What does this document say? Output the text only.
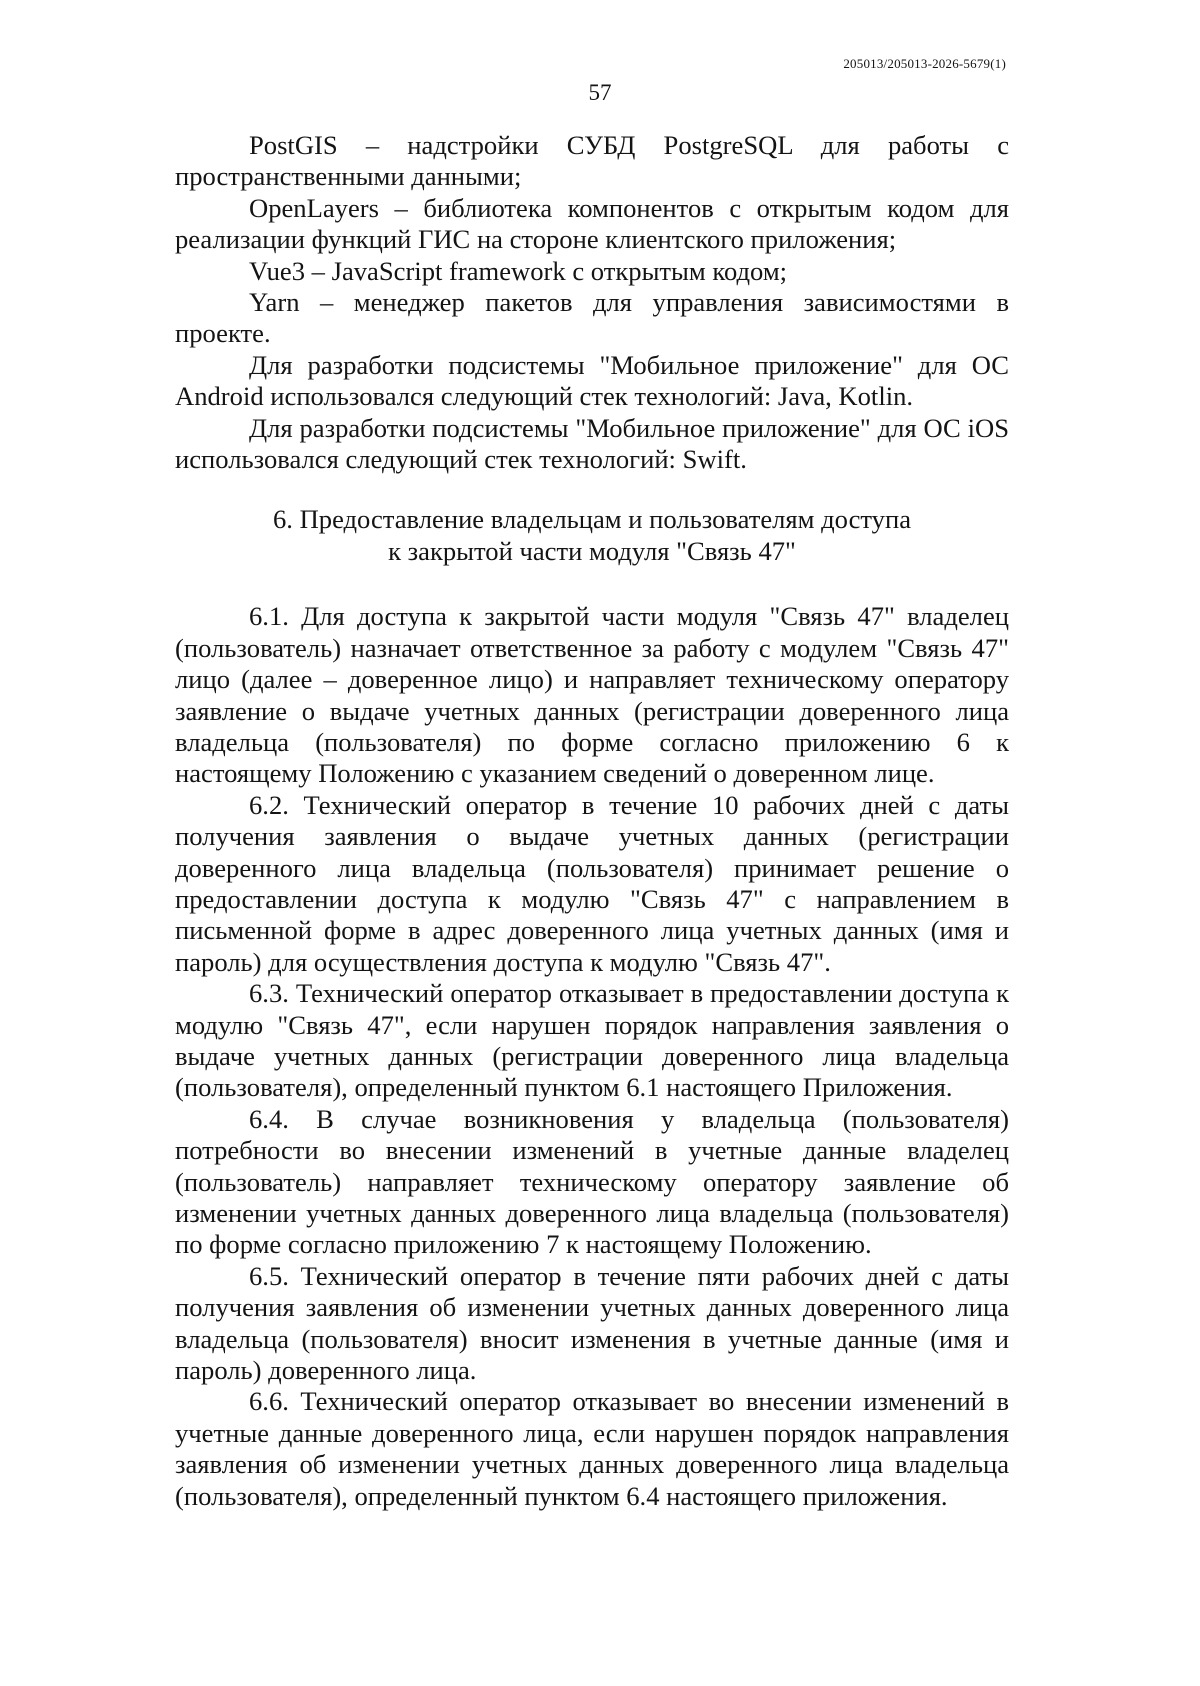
205013/205013-2026-5679(1)
57

PostGIS – надстройки СУБД PostgreSQL для работы с пространственными данными;

OpenLayers – библиотека компонентов с открытым кодом для реализации функций ГИС на стороне клиентского приложения;

Vue3 – JavaScript framework с открытым кодом;

Yarn – менеджер пакетов для управления зависимостями в проекте.

Для разработки подсистемы "Мобильное приложение" для ОС Android использовался следующий стек технологий: Java, Kotlin.

Для разработки подсистемы "Мобильное приложение" для ОС iOS использовался следующий стек технологий: Swift.

6. Предоставление владельцам и пользователям доступа

к закрытой части модуля "Связь 47"

6.1. Для доступа к закрытой части модуля "Связь 47" владелец (пользователь) назначает ответственное за работу с модулем "Связь 47" лицо (далее – доверенное лицо) и направляет техническому оператору заявление о выдаче учетных данных (регистрации доверенного лица владельца (пользователя) по форме согласно приложению 6 к настоящему Положению с указанием сведений о доверенном лице.

6.2. Технический оператор в течение 10 рабочих дней с даты получения заявления о выдаче учетных данных (регистрации доверенного лица владельца (пользователя) принимает решение о предоставлении доступа к модулю "Связь 47" с направлением в письменной форме в адрес доверенного лица учетных данных (имя и пароль) для осуществления доступа к модулю "Связь 47".

6.3. Технический оператор отказывает в предоставлении доступа к модулю "Связь 47", если нарушен порядок направления заявления о выдаче учетных данных (регистрации доверенного лица владельца (пользователя), определенный пунктом 6.1 настоящего Приложения.

6.4. В случае возникновения у владельца (пользователя) потребности во внесении изменений в учетные данные владелец (пользователь) направляет техническому оператору заявление об изменении учетных данных доверенного лица владельца (пользователя) по форме согласно приложению 7 к настоящему Положению.

6.5. Технический оператор в течение пяти рабочих дней с даты получения заявления об изменении учетных данных доверенного лица владельца (пользователя) вносит изменения в учетные данные (имя и пароль) доверенного лица.

6.6. Технический оператор отказывает во внесении изменений в учетные данные доверенного лица, если нарушен порядок направления заявления об изменении учетных данных доверенного лица владельца (пользователя), определенный пунктом 6.4 настоящего приложения.
